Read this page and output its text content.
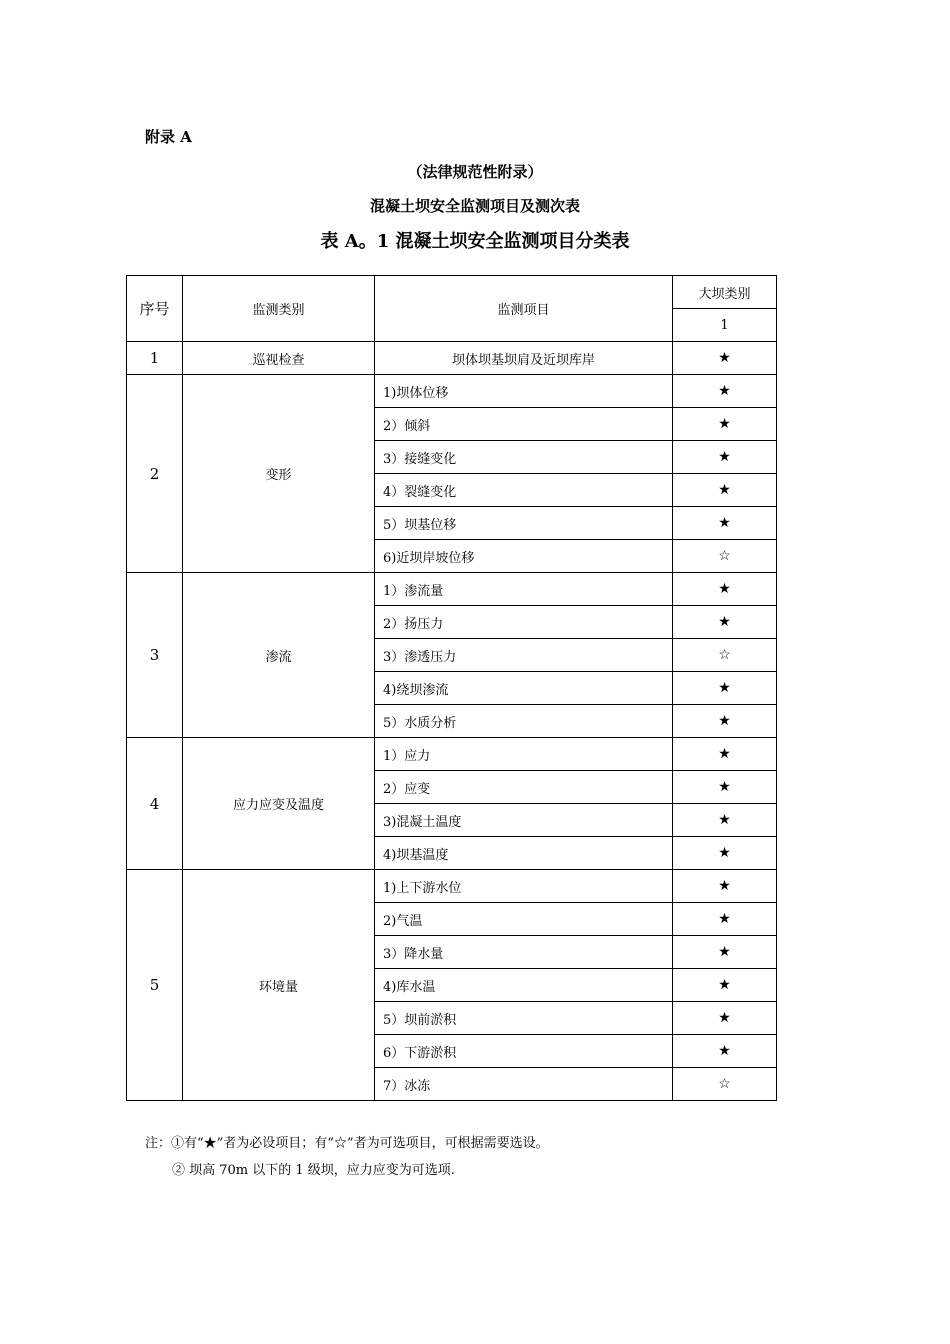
附录 A
（法律规范性附录）
混凝土坝安全监测项目及测次表
表 A。1 混凝土坝安全监测项目分类表
序号	监测类别	监测项目	大坝类别
			1
1	巡视检查	坝体坝基坝肩及近坝库岸	★
2	变形	1)坝体位移	★
		2）倾斜	★
		3）接缝变化	★
		4）裂缝变化	★
		5）坝基位移	★
		6)近坝岸坡位移	☆
3	渗流	1）渗流量	★
		2）扬压力	★
		3）渗透压力	☆
		4)绕坝渗流	★
		5）水质分析	★
4	应力应变及温度	1）应力	★
		2）应变	★
		3)混凝土温度	★
		4)坝基温度	★
5	环境量	1)上下游水位	★
		2)气温	★
		3）降水量	★
		4)库水温	★
		5）坝前淤积	★
		6）下游淤积	★
		7）冰冻	☆
注：①有“★”者为必设项目；有“☆”者为可选项目，可根据需要选设。
② 坝高 70m 以下的 1 级坝，应力应变为可选项.
